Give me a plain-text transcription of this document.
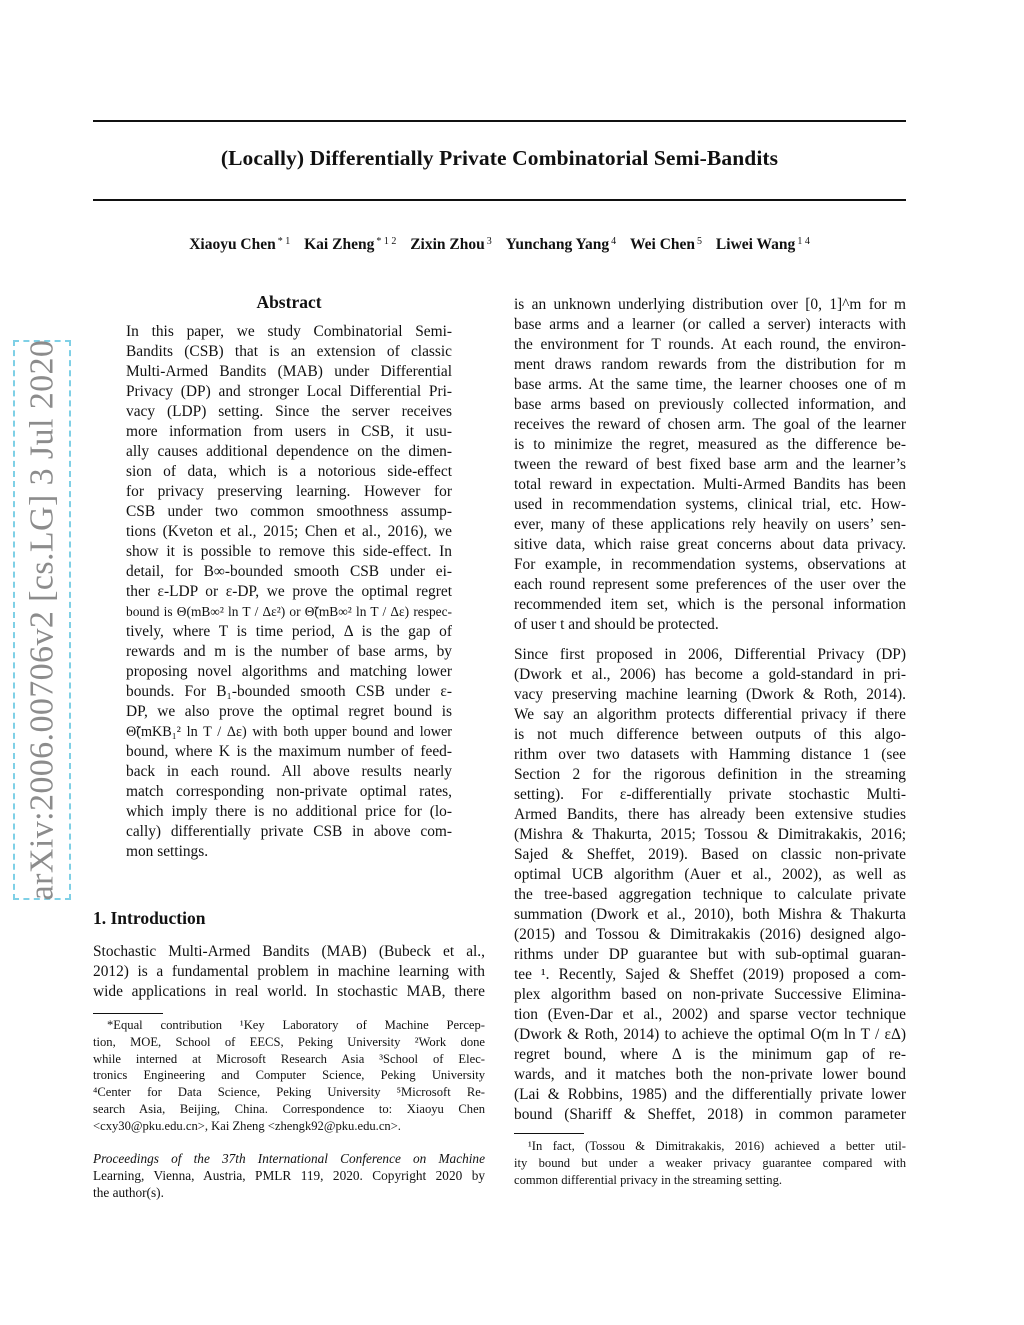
(Locally) Differentially Private Combinatorial Semi-Bandits
Xiaoyu Chen $^{* 1}$ Kai Zheng $^{* 1 2}$ Zixin Zhou $^3$ Yunchang Yang $^4$ Wei Chen $^5$ Liwei Wang $^{1 4}$
arXiv:2006.00706v2 [cs.LG] 3 Jul 2020
Abstract
In this paper, we study Combinatorial Semi-
Bandits (CSB) that is an extension of classic
Multi-Armed Bandits (MAB) under Differential
Privacy (DP) and stronger Local Differential Pri-
vacy (LDP) setting. Since the server receives
more information from users in CSB, it usu-
ally causes additional dependence on the dimen-
sion of data, which is a notorious side-effect
for privacy preserving learning. However for
CSB under two common smoothness assump-
tions (Kveton et al., 2015; Chen et al., 2016), we
show it is possible to remove this side-effect. In
detail, for B∞-bounded smooth CSB under ei-
ther ε-LDP or ε-DP, we prove the optimal regret
bound is Θ(mB∞² ln T / Δε²) or Θ̃(mB∞² ln T / Δε) respec-
tively, where T is time period, Δ is the gap of
rewards and m is the number of base arms, by
proposing novel algorithms and matching lower
bounds. For B₁-bounded smooth CSB under ε-
DP, we also prove the optimal regret bound is
Θ̃(mKB₁² ln T / Δε) with both upper bound and lower
bound, where K is the maximum number of feed-
back in each round. All above results nearly
match corresponding non-private optimal rates,
which imply there is no additional price for (lo-
cally) differentially private CSB in above com-
mon settings.
1. Introduction
Stochastic Multi-Armed Bandits (MAB) (Bubeck et al.,
2012) is a fundamental problem in machine learning with
wide applications in real world. In stochastic MAB, there
*Equal contribution ¹Key Laboratory of Machine Percep-
tion, MOE, School of EECS, Peking University ²Work done
while interned at Microsoft Research Asia ³School of Elec-
tronics Engineering and Computer Science, Peking University
⁴Center for Data Science, Peking University ⁵Microsoft Re-
search Asia, Beijing, China. Correspondence to: Xiaoyu Chen
<cxy30@pku.edu.cn>, Kai Zheng <zhengk92@pku.edu.cn>.
Proceedings of the 37th International Conference on Machine
Learning, Vienna, Austria, PMLR 119, 2020. Copyright 2020 by
the author(s).
is an unknown underlying distribution over [0, 1]^m for m
base arms and a learner (or called a server) interacts with
the environment for T rounds. At each round, the environ-
ment draws random rewards from the distribution for m
base arms. At the same time, the learner chooses one of m
base arms based on previously collected information, and
receives the reward of chosen arm. The goal of the learner
is to minimize the regret, measured as the difference be-
tween the reward of best fixed base arm and the learner’s
total reward in expectation. Multi-Armed Bandits has been
used in recommendation systems, clinical trial, etc. How-
ever, many of these applications rely heavily on users’ sen-
sitive data, which raise great concerns about data privacy.
For example, in recommendation systems, observations at
each round represent some preferences of the user over the
recommended item set, which is the personal information
of user t and should be protected.
Since first proposed in 2006, Differential Privacy (DP)
(Dwork et al., 2006) has become a gold-standard in pri-
vacy preserving machine learning (Dwork & Roth, 2014).
We say an algorithm protects differential privacy if there
is not much difference between outputs of this algo-
rithm over two datasets with Hamming distance 1 (see
Section 2 for the rigorous definition in the streaming
setting). For ε-differentially private stochastic Multi-
Armed Bandits, there has already been extensive studies
(Mishra & Thakurta, 2015; Tossou & Dimitrakakis, 2016;
Sajed & Sheffet, 2019). Based on classic non-private
optimal UCB algorithm (Auer et al., 2002), as well as
the tree-based aggregation technique to calculate private
summation (Dwork et al., 2010), both Mishra & Thakurta
(2015) and Tossou & Dimitrakakis (2016) designed algo-
rithms under DP guarantee but with sub-optimal guaran-
tee ¹. Recently, Sajed & Sheffet (2019) proposed a com-
plex algorithm based on non-private Successive Elimina-
tion (Even-Dar et al., 2002) and sparse vector technique
(Dwork & Roth, 2014) to achieve the optimal O(m ln T / εΔ)
regret bound, where Δ is the minimum gap of re-
wards, and it matches both the non-private lower bound
(Lai & Robbins, 1985) and the differentially private lower
bound (Shariff & Sheffet, 2018) in common parameter
¹In fact, (Tossou & Dimitrakakis, 2016) achieved a better util-
ity bound but under a weaker privacy guarantee compared with
common differential privacy in the streaming setting.
